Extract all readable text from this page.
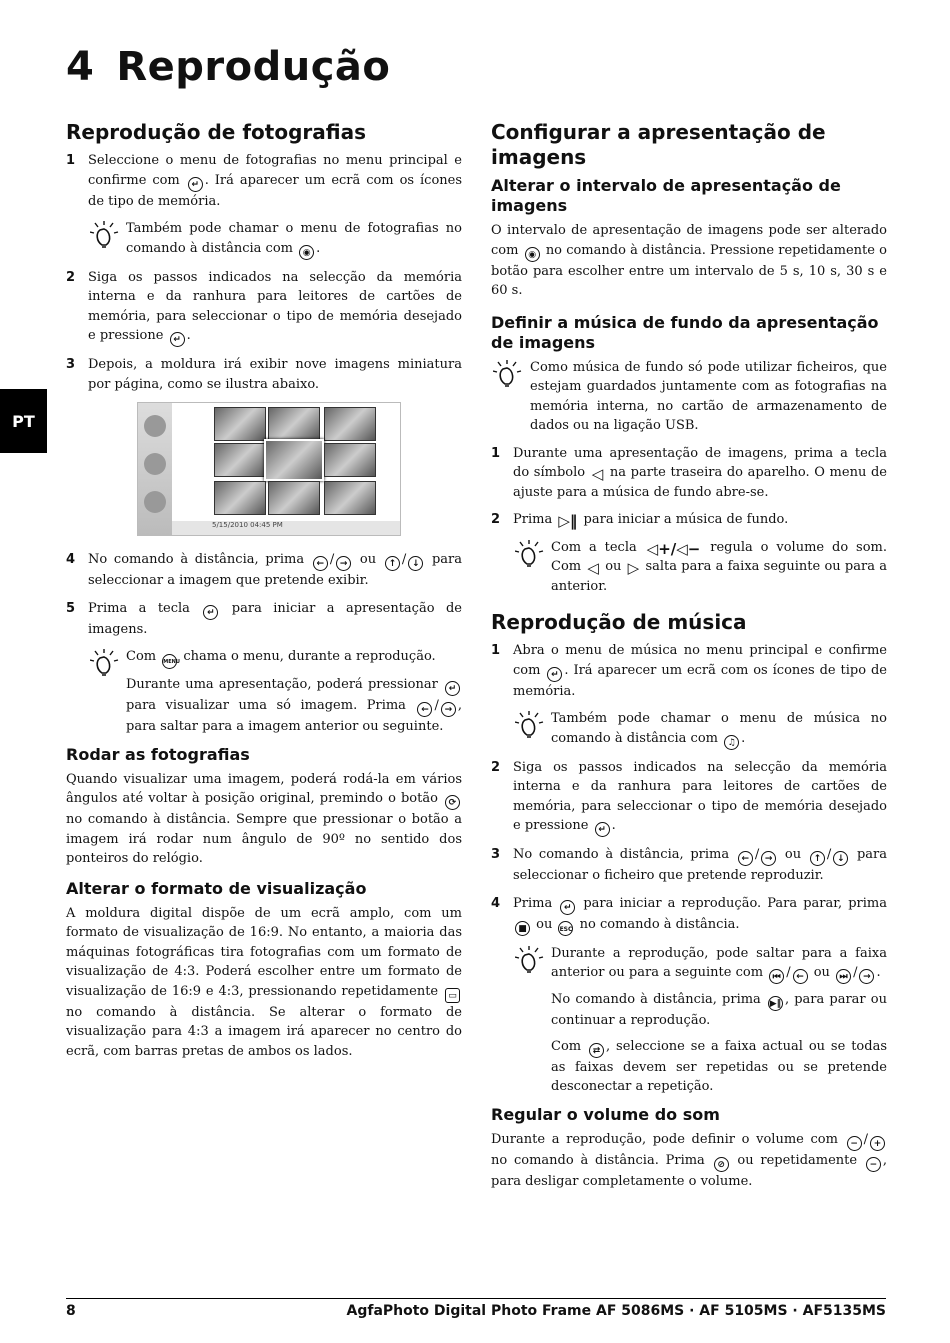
4 Reprodução
PT
Reprodução de fotografias
1 Seleccione o menu de fotografias no menu principal e confirme com ↵ . Irá aparecer um ecrã com os ícones de tipo de memória.

Também pode chamar o menu de fotografias no comando à distância com ◉ .

2 Siga os passos indicados na selecção da memória interna e da ranhura para leitores de cartões de memória, para seleccionar o tipo de memória desejado e pressione ↵ .
3 Depois, a moldura irá exibir nove imagens miniatura por página, como se ilustra abaixo.
5/15/2010 04:45 PM
4 No comando à distância, prima ← / → ou ↑ / ↓ para seleccionar a imagem que pretende exibir.
5 Prima a tecla ↵ para iniciar a apresentação de imagens.

Com MENU chama o menu, durante a reprodução.

Durante uma apresentação, poderá pressionar ↵ para visualizar uma só imagem. Prima ← / → , para saltar para a imagem anterior ou seguinte.

Rodar as fotografias

Quando visualizar uma imagem, poderá rodá-la em vários ângulos até voltar à posição original, premindo o botão ⟳ no comando à distância. Sempre que pressionar o botão a imagem irá rodar num ângulo de 90º no sentido dos ponteiros do relógio.

Alterar o formato de visualização

A moldura digital dispõe de um ecrã amplo, com um formato de visualização de 16:9. No entanto, a maioria das máquinas fotográficas tira fotografias com um formato de visualização de 4:3. Poderá escolher entre um formato de visualização de 16:9 e 4:3, pressionando repetidamente ▭ no comando à distância. Se alterar o formato de visualização para 4:3 a imagem irá aparecer no centro do ecrã, com barras pretas de ambos os lados.

Configurar a apresentação de imagens
Alterar o intervalo de apresentação de imagens

O intervalo de apresentação de imagens pode ser alterado com ◉ no comando à distância. Pressione repetidamente o botão para escolher entre um intervalo de 5 s, 10 s, 30 s e 60 s.

Definir a música de fundo da apresentação de imagens

Como música de fundo só pode utilizar ficheiros, que estejam guardados juntamente com as fotografias na memória interna, no cartão de armazenamento de dados ou na ligação USB.

1 Durante uma apresentação de imagens, prima a tecla do símbolo ◁ na parte traseira do aparelho. O menu de ajuste para a música de fundo abre-se.
2 Prima ▷‖ para iniciar a música de fundo.

Com a tecla ◁+/◁− regula o volume do som. Com ◁ ou ▷ salta para a faixa seguinte ou para a anterior.

Reprodução de música
1 Abra o menu de música no menu principal e confirme com ↵ . Irá aparecer um ecrã com os ícones de tipo de memória.

Também pode chamar o menu de música no comando à distância com ♫ .

2 Siga os passos indicados na selecção da memória interna e da ranhura para leitores de cartões de memória, para seleccionar o tipo de memória desejado e pressione ↵ .
3 No comando à distância, prima ← / → ou ↑ / ↓ para seleccionar o ficheiro que pretende reproduzir.
4 Prima ↵ para iniciar a reprodução. Para parar, prima ■ ou ESC no comando à distância.

Durante a reprodução, pode saltar para a faixa anterior ou para a seguinte com ⏮ / ← ou ⏭ / → .

No comando à distância, prima ▶‖ , para parar ou continuar a reprodução.

Com ⇄ , seleccione se a faixa actual ou se todas as faixas devem ser repetidas ou se pretende desconectar a repetição.

Regular o volume do som

Durante a reprodução, pode definir o volume com − / + no comando à distância. Prima ⊘ ou repetidamente − , para desligar completamente o volume.

8	AgfaPhoto Digital Photo Frame AF 5086MS · AF 5105MS · AF5135MS
